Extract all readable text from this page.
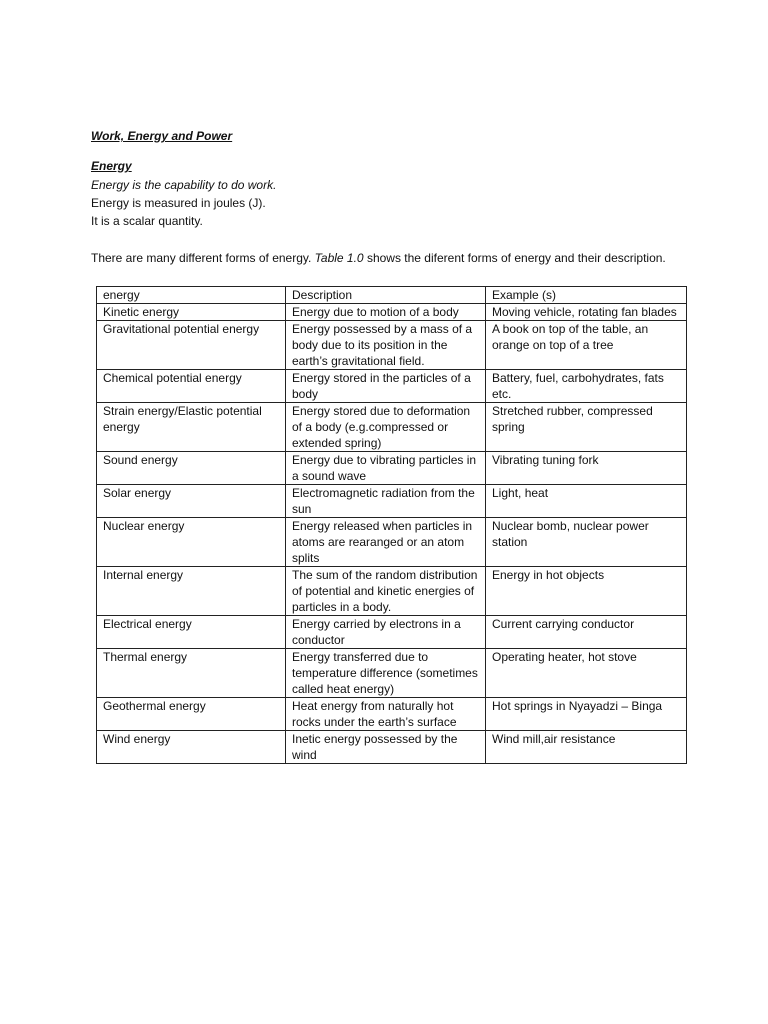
Work, Energy and Power
Energy
Energy is the capability to do work.
Energy is measured in joules (J).
It is a scalar quantity.
There are many different forms of energy. Table 1.0 shows the diferent forms of energy and their description.
energy	Description	Example (s)
Kinetic energy	Energy due to motion of a body	Moving vehicle, rotating fan blades
Gravitational potential energy	Energy possessed by a mass of a body due to its position in the earth’s gravitational field.	A book on top of the table, an orange on top of a tree
Chemical potential energy	Energy stored in the particles of a body	Battery, fuel, carbohydrates, fats etc.
Strain energy/Elastic potential energy	Energy stored due to deformation of a body (e.g.compressed or extended spring)	Stretched rubber, compressed spring
Sound energy	Energy due to vibrating particles in a sound wave	Vibrating tuning fork
Solar energy	Electromagnetic radiation from the sun	Light, heat
Nuclear energy	Energy released when particles in atoms are rearanged or an atom splits	Nuclear bomb, nuclear power station
Internal energy	The sum of the random distribution of potential and kinetic energies of particles in a body.	Energy in hot objects
Electrical energy	Energy carried by electrons in a conductor	Current carrying conductor
Thermal energy	Energy transferred due to temperature difference (sometimes called heat energy)	Operating heater, hot stove
Geothermal energy	Heat energy from naturally hot rocks under the earth’s surface	Hot springs in Nyayadzi – Binga
Wind energy	Inetic energy possessed by the wind	Wind mill,air resistance
